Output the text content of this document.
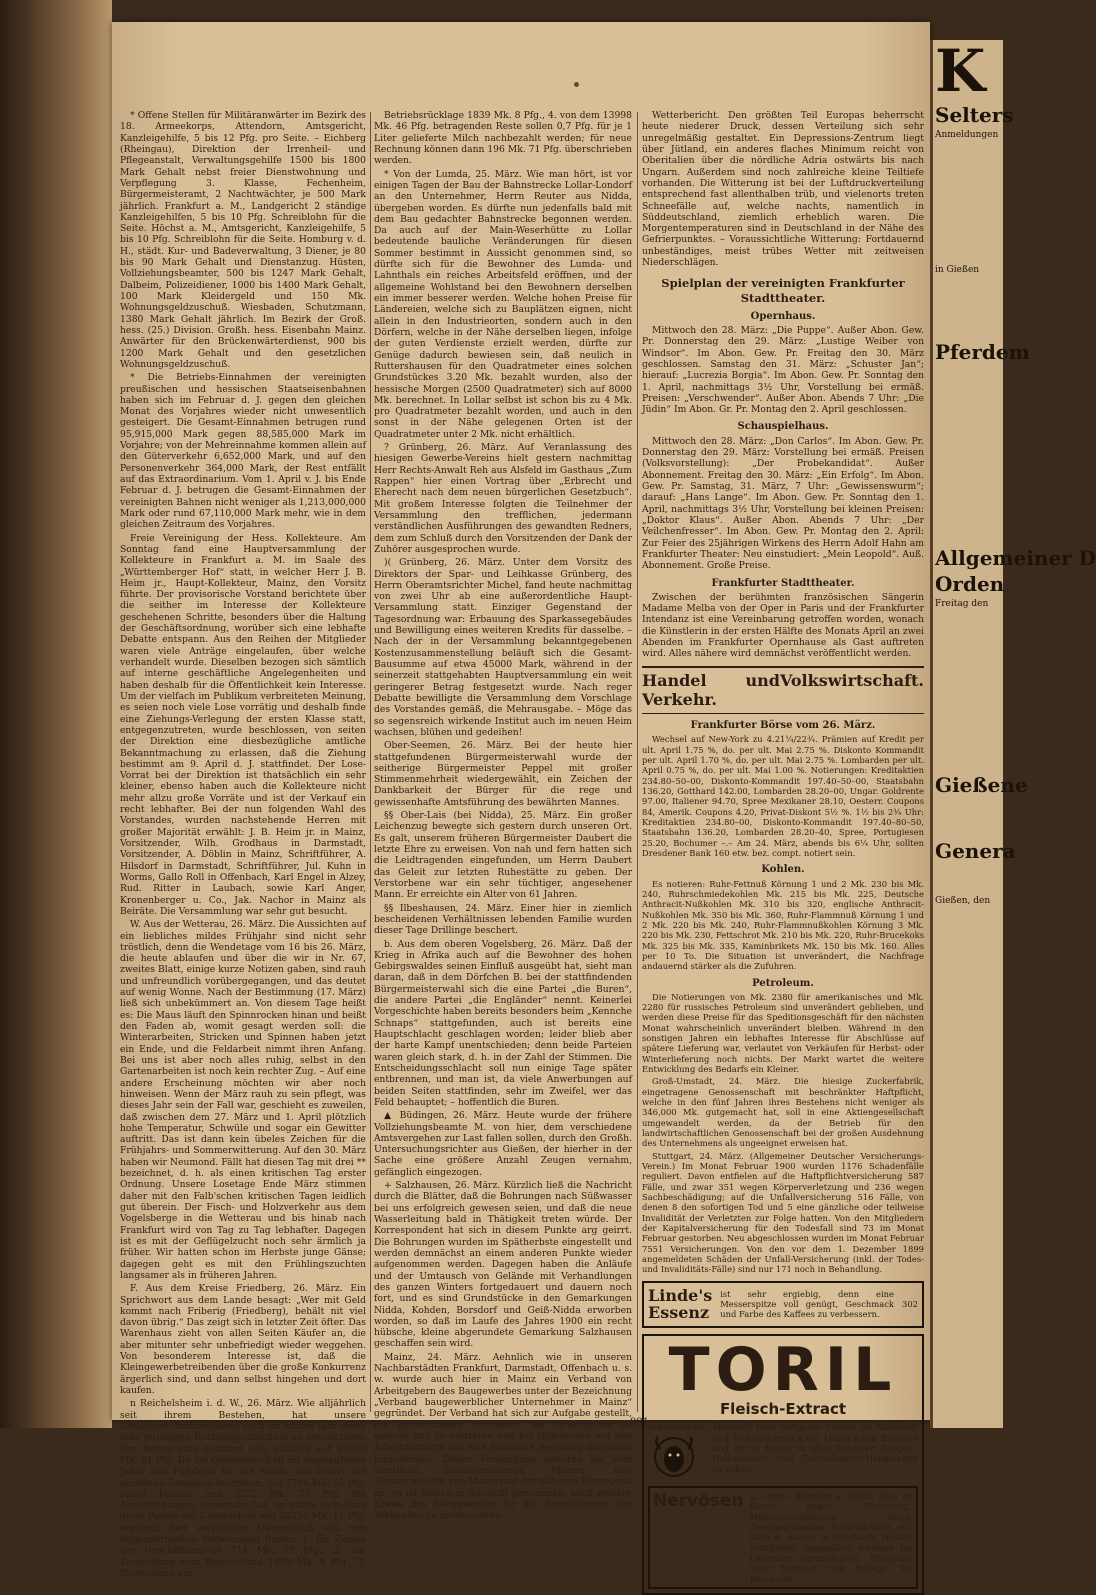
* Offene Stellen für Militäranwärter im Bezirk des 18. Armeekorps, Attendorn, Amtsgericht, Kanzleigehilfe, 5 bis 12 Pfg. pro Seite. – Eichberg (Rheingau), Direktion der Irrenheil- und Pflegeanstalt, Verwaltungsgehilfe 1500 bis 1800 Mark Gehalt nebst freier Dienstwohnung und Verpflegung 3. Klasse, Fechenheim, Bürgermeisteramt, 2 Nachtwächter, je 500 Mark jährlich. Frankfurt a. M., Landgericht 2 ständige Kanzleigehilfen, 5 bis 10 Pfg. Schreiblohn für die Seite. Höchst a. M., Amtsgericht, Kanzleigehilfe, 5 bis 10 Pfg. Schreiblohn für die Seite. Homburg v. d. H., städt. Kur- und Badeverwaltung, 3 Diener, je 80 bis 90 Mark Gehalt und Dienstanzug. Hüsten, Vollziehungsbeamter, 500 bis 1247 Mark Gehalt, Dalbeim, Polizeidiener, 1000 bis 1400 Mark Gehalt, 100 Mark Kleidergeld und 150 Mk. Wohnungsgeldzuschuß. Wiesbaden, Schutzmann, 1380 Mark Gehalt jährlich. Im Bezirk der Groß. hess. (25.) Division. Großh. hess. Eisenbahn Mainz. Anwärter für den Brückenwärterdienst, 900 bis 1200 Mark Gehalt und den gesetzlichen Wohnungsgeldzuschuß.

* Die Betriebs-Einnahmen der vereinigten preußischen und hessischen Staatseisenbahnen haben sich im Februar d. J. gegen den gleichen Monat des Vorjahres wieder nicht unwesentlich gesteigert. Die Gesamt-Einnahmen betrugen rund 95,915,000 Mark gegen 88,585,000 Mark im Vorjahre; von der Mehreinnahme kommen allein auf den Güterverkehr 6,652,000 Mark, und auf den Personenverkehr 364,000 Mark, der Rest entfällt auf das Extraordinarium. Vom 1. April v. J. bis Ende Februar d. J. betrugen die Gesamt-Einnahmen der vereinigten Bahnen nicht weniger als 1,213,000,000 Mark oder rund 67,110,000 Mark mehr, wie in dem gleichen Zeitraum des Vorjahres.

Freie Vereinigung der Hess. Kollekteure. Am Sonntag fand eine Hauptversammlung der Kollekteure in Frankfurt a. M. im Saale des „Württemberger Hof“ statt, in welcher Herr J. B. Heim jr., Haupt-Kollekteur, Mainz, den Vorsitz führte. Der provisorische Vorstand berichtete über die seither im Interesse der Kollekteure geschehenen Schritte, besonders über die Haltung der Geschäftsordnung, worüber sich eine lebhafte Debatte entspann. Aus den Reihen der Mitglieder waren viele Anträge eingelaufen, über welche verhandelt wurde. Dieselben bezogen sich sämtlich auf interne geschäftliche Angelegenheiten und haben deshalb für die Öffentlichkeit kein Interesse. Um der vielfach im Publikum verbreiteten Meinung, es seien noch viele Lose vorrätig und deshalb finde eine Ziehungs-Verlegung der ersten Klasse statt, entgegenzutreten, wurde beschlossen, von seiten der Direktion eine diesbezügliche amtliche Bekanntmachung zu erlassen, daß die Ziehung bestimmt am 9. April d. J. stattfindet. Der Lose-Vorrat bei der Direktion ist thatsächlich ein sehr kleiner, ebenso haben auch die Kollekteure nicht mehr allzu große Vorräte und ist der Verkauf ein recht lebhafter. Bei der nun folgenden Wahl des Vorstandes, wurden nachstehende Herren mit großer Majorität erwählt: J. B. Heim jr. in Mainz, Vorsitzender, Wilh. Grodhaus in Darmstadt, Vorsitzender, A. Döblin in Mainz, Schriftführer, A. Hilsdorf in Darmstadt, Schriftführer, Jul. Kuhn in Worms, Gallo Roll in Offenbach, Karl Engel in Alzey, Rud. Ritter in Laubach, sowie Karl Anger, Kronenberger u. Co., Jak. Nachor in Mainz als Beiräte. Die Versammlung war sehr gut besucht.

W. Aus der Wetterau, 26. März. Die Aussichten auf ein liebliches mildes Frühjahr sind nicht sehr tröstlich, denn die Wendetage vom 16 bis 26. März, die heute ablaufen und über die wir in Nr. 67, zweites Blatt, einige kurze Notizen gaben, sind rauh und unfreundlich vorübergegangen, und das deutet auf wenig Wonne. Nach der Bestimmung (17. März) ließ sich unbekümmert an. Von diesem Tage heißt es: Die Maus läuft den Spinnrocken hinan und beißt den Faden ab, womit gesagt werden soll: die Winterarbeiten, Stricken und Spinnen haben jetzt ein Ende, und die Feldarbeit nimmt ihren Anfang. Bei uns ist aber noch alles ruhig, selbst in den Gartenarbeiten ist noch kein rechter Zug. – Auf eine andere Erscheinung möchten wir aber noch hinweisen. Wenn der März rauh zu sein pflegt, was dieses Jahr sein der Fall war, geschieht es zuweilen, daß zwischen dem 27. März und 1. April plötzlich hohe Temperatur, Schwüle und sogar ein Gewitter auftritt. Das ist dann kein übeles Zeichen für die Frühjahrs- und Sommerwitterung. Auf den 30. März haben wir Neumond. Fällt hat diesen Tag mit drei ** bezeichnet, d. h. als einen kritischen Tag erster Ordnung. Unsere Losetage Ende März stimmen daher mit den Falb'schen kritischen Tagen leidlich gut überein. Der Fisch- und Holzverkehr aus dem Vogelsberge in die Wetterau und bis hinab nach Frankfurt wird von Tag zu Tag lebhafter. Dagegen ist es mit der Geflügelzucht noch sehr ärmlich ja früher. Wir hatten schon im Herbste junge Gänse; dagegen geht es mit den Frühlingszuchten langsamer als in früheren Jahren.

F. Aus dem Kreise Friedberg, 26. März. Ein Sprichwort aus dem Lande besagt: „Wer mit Geld kommt nach Friberig (Friedberg), behält nit viel davon übrig.“ Das zeigt sich in letzter Zeit öfter. Das Warenhaus zieht von allen Seiten Käufer an, die aber mitunter sehr unbefriedigt wieder weggehen. Von besonderem Interesse ist, daß die Kleingewerbetreibenden über die große Konkurrenz ärgerlich sind, und dann selbst hingehen und dort kaufen.

n Reichelsheim i. d. W., 26. März. Wie alljährlich seit ihrem Bestehen, hat unsere Genossenschaftsmolkerei auch im letzten Jahr einen sehr günstigen Rechnungsabschluß zu verzeichnen. Der Reingewinn beziffert sich nämlich auf 18390 Mk. 81 Pfg. Da die Genossenschaft im abgelaufenen Jahre den Fuhrlohn für die Milch, den früher die einzelnen Genossen bestritten, mit 7706 Mk. 55 Pfg. selbst bezahlt und 2252 Mk. 75 Pfg. für Abschreibungen verwendet hat, so würde sich ohne diese Posten ein Ueberschuß von 28350 Mk. 11 Pfg. ergeben. Der verfügbare Ueberschuß soll nun folgendermaßen Verwendung finden: 1. für Zinsen der Geschäftsanteile 714 Mk. 19 Pfg., 2. zur Zuwendung zum Reservefond 1839 Mk. 8 Pfg., 3. Zuwendung zur

Betriebsrücklage 1839 Mk. 8 Pfg., 4. von dem 13998 Mk. 46 Pfg. betragenden Reste sollen 0,7 Pfg. für je 1 Liter gelieferte Milch nachbezahlt werden; für neue Rechnung können dann 196 Mk. 71 Pfg. überschrieben werden.

* Von der Lumda, 25. März. Wie man hört, ist vor einigen Tagen der Bau der Bahnstrecke Lollar-Londorf an den Unternehmer, Herrn Reuter aus Nidda, übergeben worden. Es dürfte nun jedenfalls bald mit dem Bau gedachter Bahnstrecke begonnen werden. Da auch auf der Main-Weserhütte zu Lollar bedeutende bauliche Veränderungen für diesen Sommer bestimmt in Aussicht genommen sind, so dürfte sich für die Bewohner des Lumda- und Lahnthals ein reiches Arbeitsfeld eröffnen, und der allgemeine Wohlstand bei den Bewohnern derselben ein immer besserer werden. Welche hohen Preise für Ländereien, welche sich zu Bauplätzen eignen, nicht allein in den Industrieorten, sondern auch in den Dörfern, welche in der Nähe derselben liegen, infolge der guten Verdienste erzielt werden, dürfte zur Genüge dadurch bewiesen sein, daß neulich in Ruttershausen für den Quadratmeter eines solchen Grundstückes 3.20 Mk. bezahlt wurden, also der hessische Morgen (2500 Quadratmeter) sich auf 8000 Mk. berechnet. In Lollar selbst ist schon bis zu 4 Mk. pro Quadratmeter bezahlt worden, und auch in den sonst in der Nähe gelegenen Orten ist der Quadratmeter unter 2 Mk. nicht erhältlich.

? Grünberg, 26. März. Auf Veranlassung des hiesigen Gewerbe-Vereins hielt gestern nachmittag Herr Rechts-Anwalt Reh aus Alsfeld im Gasthaus „Zum Rappen“ hier einen Vortrag über „Erbrecht und Eherecht nach dem neuen bürgerlichen Gesetzbuch“. Mit großem Interesse folgten die Teilnehmer der Versammlung den trefflichen, jedermann verständlichen Ausführungen des gewandten Redners, dem zum Schluß durch den Vorsitzenden der Dank der Zuhörer ausgesprochen wurde.

)( Grünberg, 26. März. Unter dem Vorsitz des Direktors der Spar- und Leihkasse Grünberg, des Herrn Oberamtsrichter Michel, fand heute nachmittag von zwei Uhr ab eine außerordentliche Haupt-Versammlung statt. Einziger Gegenstand der Tagesordnung war: Erbauung des Sparkassegebäudes und Bewilligung eines weiteren Kredits für dasselbe. – Nach der in der Versammlung bekanntgegebenen Kostenzusammenstellung beläuft sich die Gesamt-Bausumme auf etwa 45000 Mark, während in der seinerzeit stattgehabten Hauptversammlung ein weit geringerer Betrag festgesetzt wurde. Nach reger Debatte bewilligte die Versammlung dem Vorschlage des Vorstandes gemäß, die Mehrausgabe. – Möge das so segensreich wirkende Institut auch im neuen Heim wachsen, blühen und gedeihen!

Ober-Seemen, 26. März. Bei der heute hier stattgefundenen Bürgermeisterwahl wurde der seitherige Bürgermeister Peppel mit großer Stimmenmehrheit wiedergewählt, ein Zeichen der Dankbarkeit der Bürger für die rege und gewissenhafte Amtsführung des bewährten Mannes.

§§ Ober-Lais (bei Nidda), 25. März. Ein großer Leichenzug bewegte sich gestern durch unseren Ort. Es galt, unserem früheren Bürgermeister Daubert die letzte Ehre zu erweisen. Von nah und fern hatten sich die Leidtragenden eingefunden, um Herrn Daubert das Geleit zur letzten Ruhestätte zu geben. Der Verstorbene war ein sehr tüchtiger, angesehener Mann. Er erreichte ein Alter von 61 Jahren.

§§ Ilbeshausen, 24. März. Einer hier in ziemlich bescheidenen Verhältnissen lebenden Familie wurden dieser Tage Drillinge beschert.

b. Aus dem oberen Vogelsberg, 26. März. Daß der Krieg in Afrika auch auf die Bewohner des hohen Gebirgswaldes seinen Einfluß ausgeübt hat, sieht man daran, daß in dem Dörfchen B. bei der stattfindenden Bürgermeisterwahl sich die eine Partei „die Buren“, die andere Partei „die Engländer“ nennt. Keinerlei Vorgeschichte haben bereits besonders beim „Kennche Schnaps“ stattgefunden, auch ist bereits eine Hauptschlacht geschlagen worden; leider blieb aber der harte Kampf unentschieden; denn beide Parteien waren gleich stark, d. h. in der Zahl der Stimmen. Die Entscheidungsschlacht soll nun einige Tage später entbrennen, und man ist, da viele Anwerbungen auf beiden Seiten stattfinden, sehr im Zweifel, wer das Feld behauptet; – hoffentlich die Buren.

▲ Büdingen, 26. März. Heute wurde der frühere Vollziehungsbeamte M. von hier, dem verschiedene Amtsvergehen zur Last fallen sollen, durch den Großh. Untersuchungsrichter aus Gießen, der hierher in der Sache eine größere Anzahl Zeugen vernahm, gefänglich eingezogen.

+ Salzhausen, 26. März. Kürzlich ließ die Nachricht durch die Blätter, daß die Bohrungen nach Süßwasser bei uns erfolgreich gewesen seien, und daß die neue Wasserleitung bald in Thätigkeit treten würde. Der Korrespondent hat sich in diesem Punkte arg geirrt. Die Bohrungen wurden im Spätherbste eingestellt und werden demnächst an einem anderen Punkte wieder aufgenommen werden. Dagegen haben die Anläufe und der Umtausch von Gelände mit Verhandlungen des ganzen Winters fortgedauert und dauern noch fort, und es sind Grundstücke in den Gemarkungen Nidda, Kohden, Borsdorf und Geiß-Nidda erworben worden, so daß im Laufe des Jahres 1900 ein recht hübsche, kleine abgerundete Gemarkung Salzhausen geschaffen sein wird.

Mainz, 24. März. Aehnlich wie in unseren Nachbarstädten Frankfurt, Darmstadt, Offenbach u. s. w. wurde auch hier in Mainz ein Verband von Arbeitgebern des Baugewerbes unter der Bezeichnung „Verband baugewerblicher Unternehmer in Mainz“ gegründet. Der Verband hat sich zur Aufgabe gestellt, die gemeinsamen Interessen der Arbeitgeber zu wahren und zu vertreten und bei Differenzen mit den Arbeitnehmern auf eine friedliche Regelung derselben hinzuwirken. Dieser Vereinigung gehören bis jetzt sämtliche Bauunternehmer, Maurer- und Zimmermeister von Mainz und der näheren Umgegend an, es ist jedoch in Aussicht genommen, auch weitere Kreise des Baugewerbes für die Bestrebungen des Verbandes zu interessieren.

Wetterbericht. Den größten Teil Europas beherrscht heute niederer Druck, dessen Verteilung sich sehr unregelmäßig gestaltet. Ein Depressions-Zentrum liegt über Jütland, ein anderes flaches Minimum reicht von Oberitalien über die nördliche Adria ostwärts bis nach Ungarn. Außerdem sind noch zahlreiche kleine Teiltiefe vorhanden. Die Witterung ist bei der Luftdruckverteilung entsprechend fast allenthalben trüb, und vielenorts treten Schneefälle auf, welche nachts, namentlich in Süddeutschland, ziemlich erheblich waren. Die Morgentemperaturen sind in Deutschland in der Nähe des Gefrierpunktes. – Voraussichtliche Witterung: Fortdauernd unbeständiges, meist trübes Wetter mit zeitweisen Niederschlägen.

Spielplan der vereinigten Frankfurter Stadttheater.
Opernhaus.

Mittwoch den 28. März: „Die Puppe“. Außer Abon. Gew. Pr. Donnerstag den 29. März: „Lustige Weiber von Windsor“. Im Abon. Gew. Pr. Freitag den 30. März geschlossen. Samstag den 31. März: „Schuster Jan“; hierauf: „Lucrezia Borgia“. Im Abon. Gew. Pr. Sonntag den 1. April, nachmittags 3½ Uhr, Vorstellung bei ermäß. Preisen: „Verschwender“. Außer Abon. Abends 7 Uhr: „Die Jüdin“ Im Abon. Gr. Pr. Montag den 2. April geschlossen.

Schauspielhaus.

Mittwoch den 28. März: „Don Carlos“. Im Abon. Gew. Pr. Donnerstag den 29. März: Vorstellung bei ermäß. Preisen (Volksvorstellung): „Der Probekandidat“. Außer Abonnement. Freitag den 30. März: „Ein Erfolg“. Im Abon. Gew. Pr. Samstag, 31. März, 7 Uhr: „Gewissenswurm“; darauf: „Hans Lange“. Im Abon. Gew. Pr. Sonntag den 1. April, nachmittags 3½ Uhr, Vorstellung bei kleinen Preisen: „Doktor Klaus“. Außer Abon. Abends 7 Uhr: „Der Veilchenfresser“. Im Abon. Gew. Pr. Montag den 2. April: Zur Feier des 25jährigen Wirkens des Herrn Adolf Hahn am Frankfurter Theater: Neu einstudiert: „Mein Leopold“. Auß. Abonnement. Große Preise.

Frankfurter Stadttheater.

Zwischen der berühmten französischen Sängerin Madame Melba von der Oper in Paris und der Frankfurter Intendanz ist eine Vereinbarung getroffen worden, wonach die Künstlerin in der ersten Hälfte des Monats April an zwei Abenden im Frankfurter Opernhause als Gast auftreten wird. Alles nähere wird demnächst veröffentlicht werden.

Handel und Verkehr.
Volkswirtschaft.
Frankfurter Börse vom 26. März.

Wechsel auf New-York zu 4.21¼/22¾. Prämien auf Kredit per ult. April 1.75 %, do. per ult. Mai 2.75 %. Diskonto Kommandit per ult. April 1.70 %, do. per ult. Mai 2.75 %. Lombarden per ult. April 0.75 %, do. per ult. Mai 1.00 %. Notierungen: Kreditaktien 234.80–50–00, Diskonto-Kommandit 197.40–50–00, Staatsbahn 136.20, Gotthard 142.00, Lombarden 28.20–00, Ungar. Goldrente 97.00, Italiener 94.70, Spree Mexikaner 28.10, Oesterr. Coupons 84, Amerik. Coupons 4.20, Privat-Diskont 5½ %. 1½ bis 2¾ Uhr: Kreditaktien 234.80–00, Diskonto-Kommandit 197.40–80–50, Staatsbahn 136.20, Lombarden 28.20–40, Spree, Portugiesen 25.20, Bochumer –.– Am 24. März, abends bis 6¼ Uhr, sollten Dresdener Bank 160 etw. bez. compt. notiert sein.

Kohlen.

Es notieren: Ruhr-Fettnuß Körnung 1 und 2 Mk. 230 bis Mk. 240, Ruhrschmiedekohlen Mk. 215 bis Mk. 225, Deutsche Anthracit-Nußkohlen Mk. 310 bis 320, englische Anthracit-Nußkohlen Mk. 350 bis Mk. 360, Ruhr-Flammnuß Körnung 1 und 2 Mk. 220 bis Mk. 240, Ruhr-Flammnußkohlen Körnung 3 Mk. 220 bis Mk. 230, Fettschrot Mk. 210 bis Mk. 220, Ruhr-Brucekoks Mk. 325 bis Mk. 335, Kaminbrikets Mk. 150 bis Mk. 160. Alles per 10 To. Die Situation ist unverändert, die Nachfrage andauernd stärker als die Zufuhren.

Petroleum.

Die Notierungen von Mk. 2380 für amerikanisches und Mk. 2280 für russisches Petroleum sind unverändert geblieben, und werden diese Preise für das Speditionsgeschäft für den nächsten Monat wahrscheinlich unverändert bleiben. Während in den sonstigen Jahren ein lebhaftes Interesse für Abschlüsse auf spätere Lieferung war, verlautet von Verkäufen für Herbst- oder Winterlieferung noch nichts. Der Markt wartet die weitere Entwicklung des Bedarfs ein Kleiner.

Groß-Umstadt, 24. März. Die hiesige Zuckerfabrik, eingetragene Genossenschaft mit beschränkter Haftpflicht, welche in den fünf Jahren ihres Bestehens nicht weniger als 346,000 Mk. gutgemacht hat, soll in eine Aktiengesellschaft umgewandelt werden, da der Betrieb für den landwirtschaftlichen Genossenschaft bei der großen Ausdehnung des Unternehmens als ungeeignet erweisen hat.

Stuttgart, 24. März. (Allgemeiner Deutscher Versicherungs-Verein.) Im Monat Februar 1900 wurden 1176 Schadenfälle reguliert. Davon entfielen auf die Haftpflichtversicherung 587 Fälle, und zwar 351 wegen Körperverletzung und 236 wegen Sachbeschädigung; auf die Unfallversicherung 516 Fälle, von denen 8 den sofortigen Tod und 5 eine gänzliche oder teilweise Invalidität der Verletzten zur Folge hatten. Von den Mitgliedern der Kapitalversicherung für den Todesfall sind 73 im Monat Februar gestorben. Neu abgeschlossen wurden im Monat Februar 7551 Versicherungen. Von den vor dem 1. Dezember 1899 angemeldeten Schäden der Unfall-Versicherung (inkl. der Todes- und Invaliditäts-Fälle) sind nur 171 noch in Behandlung.

Linde's Essenz
ist sehr ergiebig, denn eine Messerspitze voll genügt, Geschmack und Farbe des Kaffees zu verbessern.
302
TORIL
Fleisch-Extract
Schutzmarke. übertrifft trotz billigeren Preises an Nährkraft und Wohlgeschmack die Liebig'schen Extracte und ist zu haben in allen besseren Drogen-, Delicatessen- und Colonialwaren-Handlungen zu haben.
Nervösen u. chron. Kranken z. Notiz, dass m. Kuren gegen Herzerreg., Magenverstimmung, Angst, Zwangsgedanken, Schwächezust. etc. auch d. Saison in Auerbach, Hessen stattfinden. Spezialärzt wirksam bei Leitender Darmträgheit. Prospekte über Eigenart und Erfolge: Dr. Borcherdt.
991
K
Selters
Anmeldungen
in Gießen
Pferdem
Allgemeiner D
Orden
Freitag den
Gießene
Genera
Gießen, den
